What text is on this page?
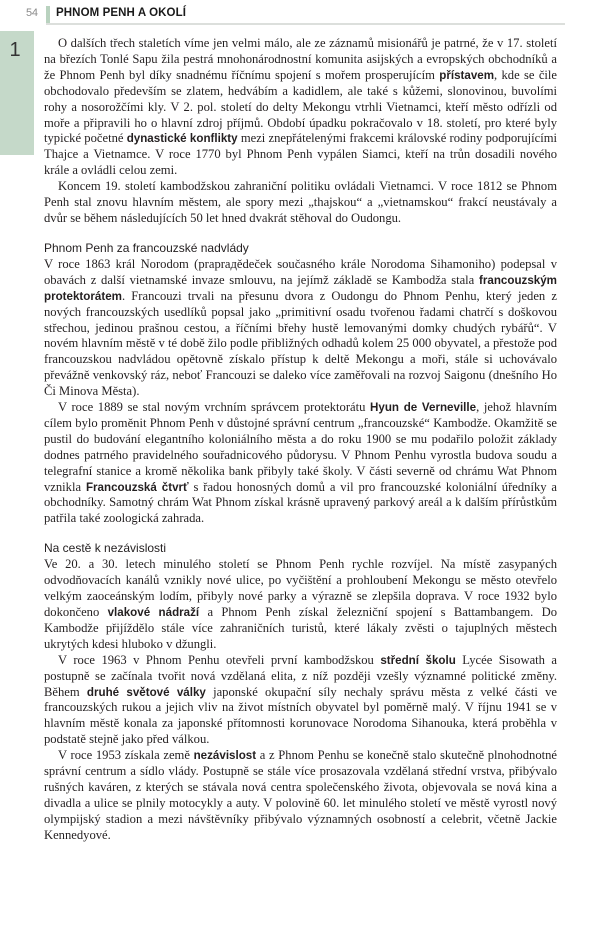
54 PHNOM PENH A OKOLÍ
1	O dalších třech staletích víme jen velmi málo, ale ze záznamů misionářů je patrné, že v 17. století na březích Tonlé Sapu žila pestrá mnohonárodnostní komunita asijských a evropských obchodníků a že Phnom Penh byl díky snadnému říčnímu spojení s mořem prosperujícím přístavem, kde se čile obchodovalo především se zlatem, hedvábím a kadidlem, ale také s kůžemi, slonovinou, buvolími rohy a nosorožčími kly. V 2. pol. století do delty Mekongu vtrhli Vietnamci, kteří město odřízli od moře a připravili ho o hlavní zdroj příjmů. Období úpadku pokračovalo v 18. století, pro které byly typické početné dynastické konflikty mezi znepřátelenými frakcemi královské rodiny podporujícími Thajce a Vietnamce. V roce 1770 byl Phnom Penh vypálen Siamci, kteří na trůn dosadili nového krále a ovládli celou zemi.

Koncem 19. století kambodžskou zahraniční politiku ovládali Vietnamci. V roce 1812 se Phnom Penh stal znovu hlavním městem, ale spory mezi „thajskou“ a „vietnamskou“ frakcí neustávaly a dvůr se během následujících 50 let hned dvakrát stěhoval do Oudongu.

Phnom Penh za francouzské nadvlády

V roce 1863 král Norodom (praprадědeček současného krále Norodoma Sihamoniho) podepsal v obavách z další vietnamské invaze smlouvu, na jejímž základě se Kambodža stala francouzským protektorátem. Francouzi trvali na přesunu dvora z Oudongu do Phnom Penhu, který jeden z nových francouzských usedlíků popsal jako „primitivní osadu tvořenou řadami chatrčí s doškovou střechou, jedinou prašnou cestou, a říčními břehy hustě lemovanými domky chudých rybářů“. V novém hlavním městě v té době žilo podle přibližných odhadů kolem 25 000 obyvatel, a přestože pod francouzskou nadvládou opětovně získalo přístup k deltě Mekongu a moři, stále si uchovávalo převážně venkovský ráz, neboť Francouzi se daleko více zaměřovali na rozvoj Saigonu (dnešního Ho Či Minova Města).

V roce 1889 se stal novým vrchním správcem protektorátu Hyun de Verneville, jehož hlavním cílem bylo proměnit Phnom Penh v důstojné správní centrum „francouzské“ Kambodže. Okamžitě se pustil do budování elegantního koloniálního města a do roku 1900 se mu podařilo položit základy dodnes patrného pravidelného souřadnicového půdorysu. V Phnom Penhu vyrostla budova soudu a telegrafní stanice a kromě několika bank přibyly také školy. V části severně od chrámu Wat Phnom vznikla Francouzská čtvrť s řadou honosných domů a vil pro francouzské koloniální úředníky a obchodníky. Samotný chrám Wat Phnom získal krásně upravený parkový areál a k dalším přírůstkům patřila také zoologická zahrada.

Na cestě k nezávislosti

Ve 20. a 30. letech minulého století se Phnom Penh rychle rozvíjel. Na místě zasypaných odvodňovacích kanálů vznikly nové ulice, po vyčištění a prohloubení Mekongu se město otevřelo velkým zaoceánským lodím, přibyly nové parky a výrazně se zlepšila doprava. V roce 1932 bylo dokončeno vlakové nádraží a Phnom Penh získal železniční spojení s Battambangem. Do Kambodže přijíždělo stále více zahraničních turistů, které lákaly zvěsti o tajuplných městech ukrytých kdesi hluboko v džungli.

V roce 1963 v Phnom Penhu otevřeli první kambodžskou střední školu Lycée Sisowath a postupně se začínala tvořit nová vzdělaná elita, z níž později vzešly významné politické změny. Během druhé světové války japonské okupační síly nechaly správu města z velké části ve francouzských rukou a jejich vliv na život místních obyvatel byl poměrně malý. V říjnu 1941 se v hlavním městě konala za japonské přítomnosti korunovace Norodoma Sihanouka, která proběhla v podstatě stejně jako před válkou.

V roce 1953 získala země nezávislost a z Phnom Penhu se konečně stalo skutečně plnohodnotné správní centrum a sídlo vlády. Postupně se stále více prosazovala vzdělaná střední vrstva, přibývalo rušných kaváren, z kterých se stávala nová centra společenského života, objevovala se nová kina a divadla a ulice se plnily motocykly a auty. V polovině 60. let minulého století ve městě vyrostl nový olympijský stadion a mezi návštěvníky přibývalo významných osobností a celebrit, včetně Jackie Kennedyové.
